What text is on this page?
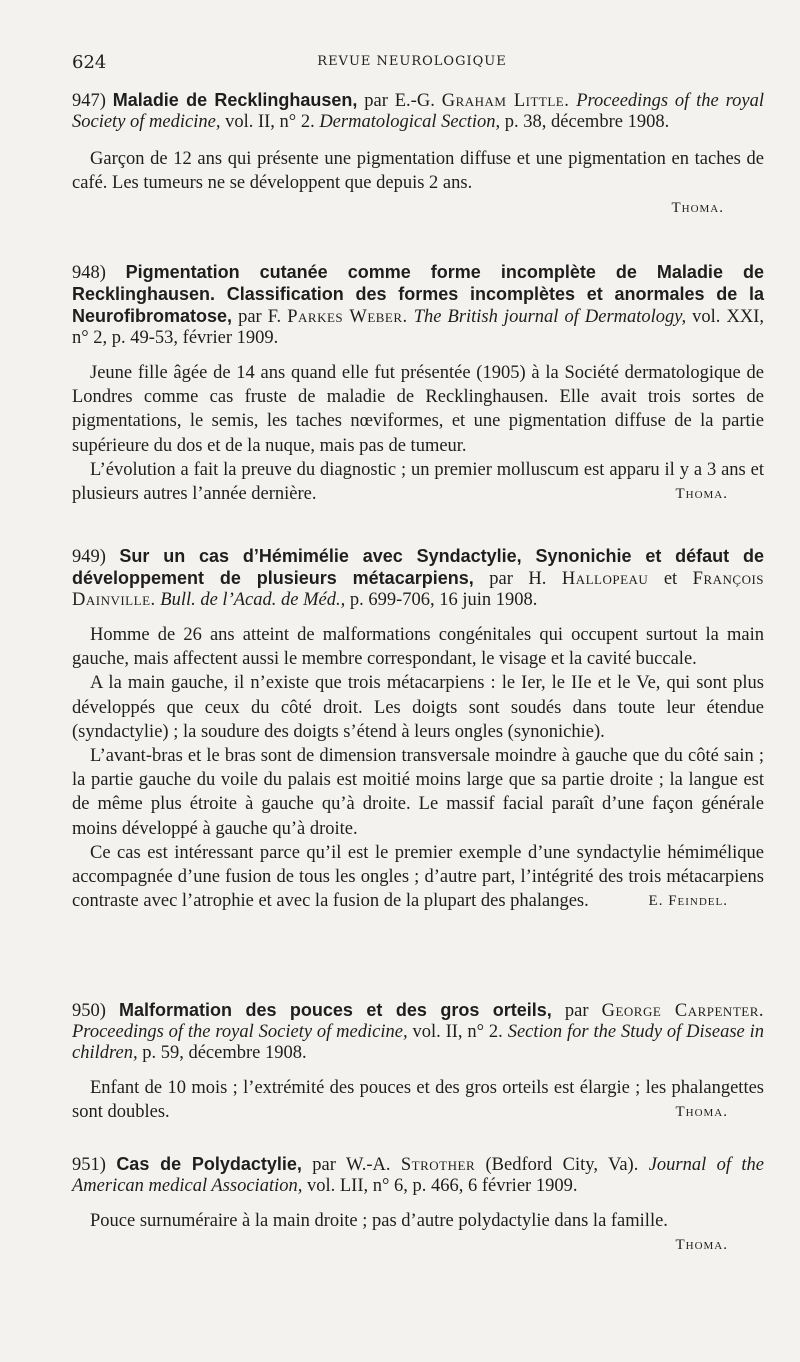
624	REVUE NEUROLOGIQUE

947) Maladie de Recklinghausen, par E.-G. Graham Little. Proceedings of the royal Society of medicine, vol. II, n° 2. Dermatological Section, p. 38, décembre 1908.

Garçon de 12 ans qui présente une pigmentation diffuse et une pigmentation en taches de café. Les tumeurs ne se développent que depuis 2 ans.

Thoma.

948) Pigmentation cutanée comme forme incomplète de Maladie de Recklinghausen. Classification des formes incomplètes et anormales de la Neurofibromatose, par F. Parkes Weber. The British journal of Dermatology, vol. XXI, n° 2, p. 49-53, février 1909.

Jeune fille âgée de 14 ans quand elle fut présentée (1905) à la Société dermatologique de Londres comme cas fruste de maladie de Recklinghausen. Elle avait trois sortes de pigmentations, le semis, les taches nœviformes, et une pigmentation diffuse de la partie supérieure du dos et de la nuque, mais pas de tumeur.

L’évolution a fait la preuve du diagnostic ; un premier molluscum est apparu il y a 3 ans et plusieurs autres l’année dernière.	Thoma.

949) Sur un cas d’Hémimélie avec Syndactylie, Synonichie et défaut de développement de plusieurs métacarpiens, par H. Hallopeau et François Dainville. Bull. de l’Acad. de Méd., p. 699-706, 16 juin 1908.

Homme de 26 ans atteint de malformations congénitales qui occupent surtout la main gauche, mais affectent aussi le membre correspondant, le visage et la cavité buccale.

A la main gauche, il n’existe que trois métacarpiens : le Ier, le IIe et le Ve, qui sont plus développés que ceux du côté droit. Les doigts sont soudés dans toute leur étendue (syndactylie) ; la soudure des doigts s’étend à leurs ongles (synonichie).

L’avant-bras et le bras sont de dimension transversale moindre à gauche que du côté sain ; la partie gauche du voile du palais est moitié moins large que sa partie droite ; la langue est de même plus étroite à gauche qu’à droite. Le massif facial paraît d’une façon générale moins développé à gauche qu’à droite.

Ce cas est intéressant parce qu’il est le premier exemple d’une syndactylie hémimélique accompagnée d’une fusion de tous les ongles ; d’autre part, l’intégrité des trois métacarpiens contraste avec l’atrophie et avec la fusion de la plupart des phalanges.	E. Feindel.

950) Malformation des pouces et des gros orteils, par George Carpenter. Proceedings of the royal Society of medicine, vol. II, n° 2. Section for the Study of Disease in children, p. 59, décembre 1908.

Enfant de 10 mois ; l’extrémité des pouces et des gros orteils est élargie ; les phalangettes sont doubles.	Thoma.

951) Cas de Polydactylie, par W.-A. Strother (Bedford City, Va). Journal of the American medical Association, vol. LII, n° 6, p. 466, 6 février 1909.

Pouce surnuméraire à la main droite ; pas d’autre polydactylie dans la famille.
Thoma.
